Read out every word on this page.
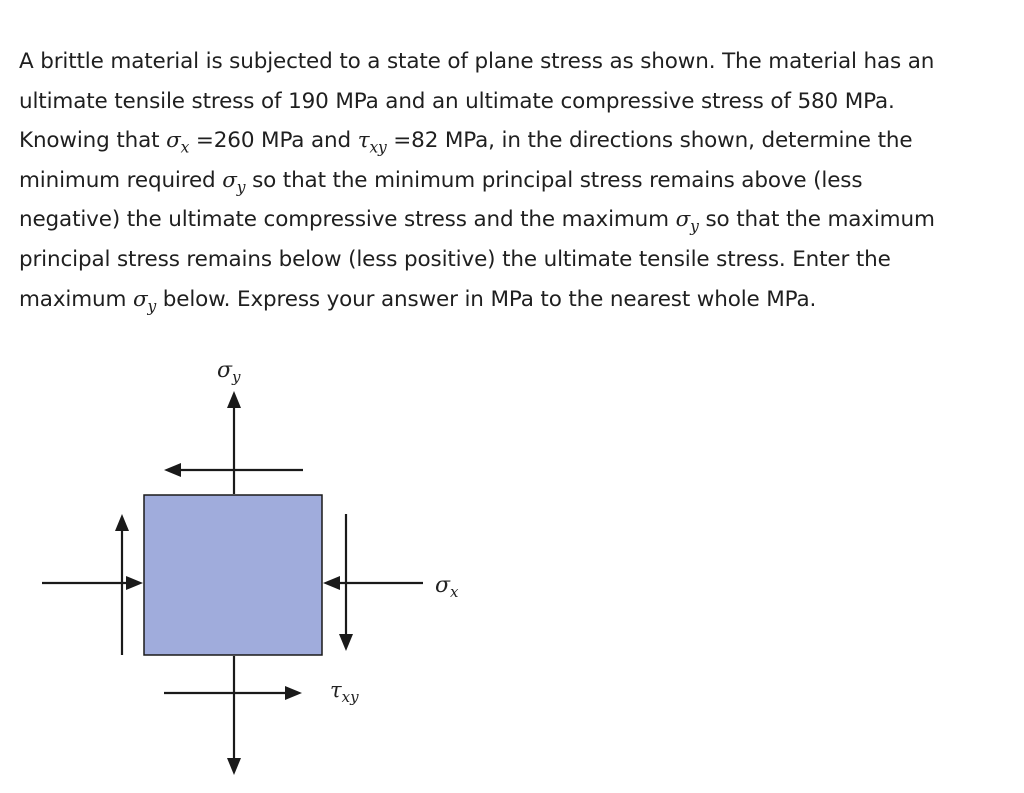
A brittle material is subjected to a state of plane stress as shown. The material has an
ultimate tensile stress of 190 MPa and an ultimate compressive stress of 580 MPa.
Knowing that $\sigma_x =260$ MPa and $\tau_{xy} =82$ MPa, in the directions shown, determine the
minimum required $\sigma_y$ so that the minimum principal stress remains above (less
negative) the ultimate compressive stress and the maximum $\sigma_y$ so that the maximum
principal stress remains below (less positive) the ultimate tensile stress. Enter the
maximum $\sigma_y$ below. Express your answer in MPa to the nearest whole MPa.
$\sigma_y$
$\sigma_x$
$\tau_{xy}$
